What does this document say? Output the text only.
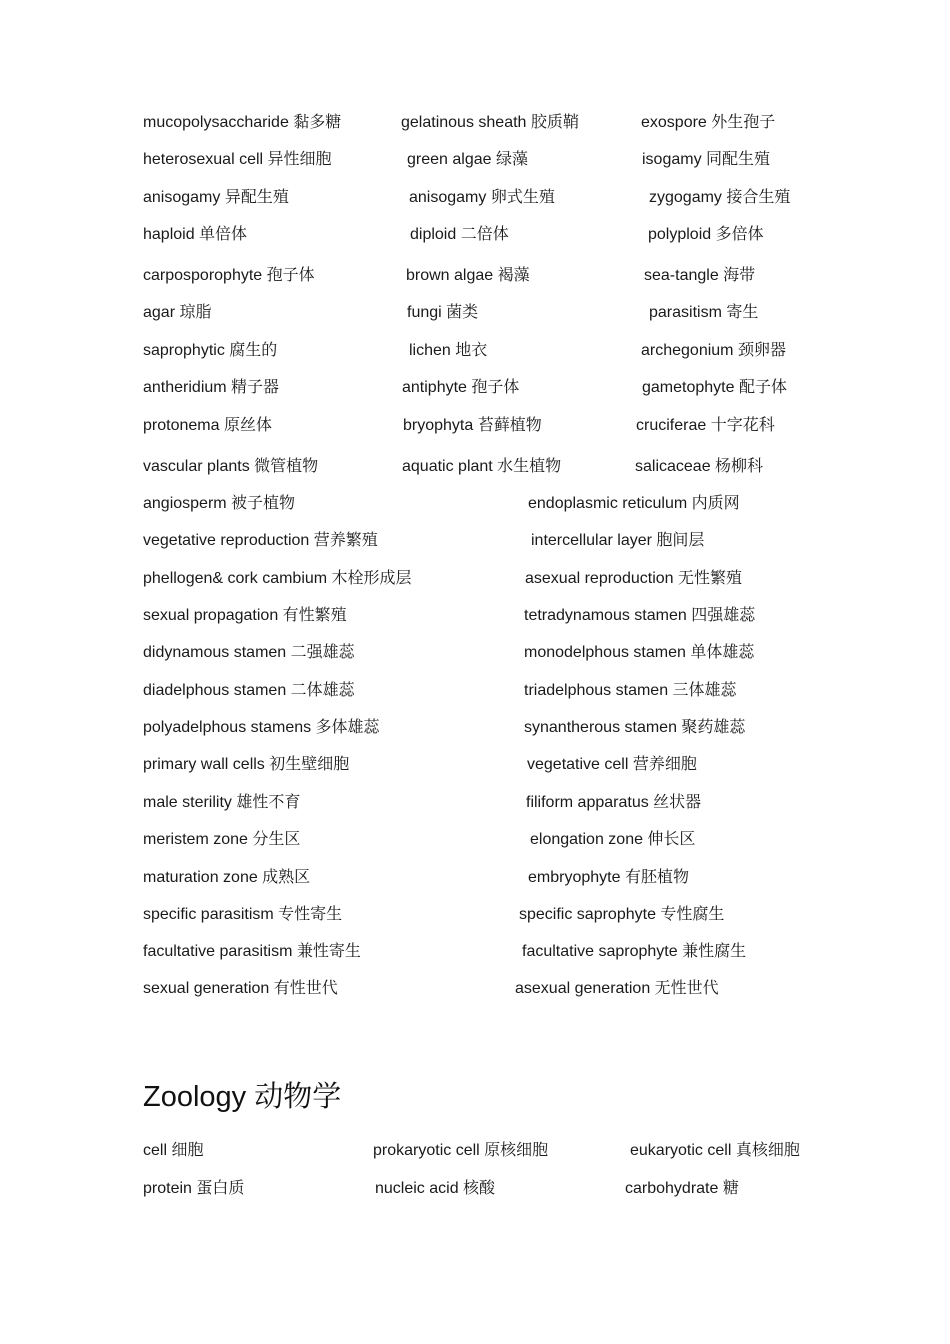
mucopolysaccharide 黏多糖	gelatinous sheath 胶质鞘	exospore 外生孢子
heterosexual cell 异性细胞	green algae 绿藻	isogamy 同配生殖
anisogamy 异配生殖	anisogamy 卵式生殖	zygogamy 接合生殖
haploid 单倍体	diploid 二倍体	polyploid 多倍体
carposporophyte 孢子体	brown algae 褐藻	sea-tangle 海带
agar 琼脂	fungi 菌类	parasitism 寄生
saprophytic 腐生的	lichen 地衣	archegonium 颈卵器
antheridium 精子器	antiphyte 孢子体	gametophyte 配子体
protonema 原丝体	bryophyta 苔藓植物	cruciferae 十字花科
vascular plants 微管植物	aquatic plant 水生植物	salicaceae 杨柳科
angiosperm 被子植物	endoplasmic reticulum 内质网
vegetative reproduction 营养繁殖	intercellular layer 胞间层
phellogen& cork cambium 木栓形成层	asexual reproduction 无性繁殖
sexual propagation 有性繁殖	tetradynamous stamen 四强雄蕊
didynamous stamen 二强雄蕊	monodelphous stamen 单体雄蕊
diadelphous stamen 二体雄蕊	triadelphous stamen 三体雄蕊
polyadelphous stamens 多体雄蕊	synantherous stamen 聚药雄蕊
primary wall cells 初生壁细胞	vegetative cell 营养细胞
male sterility 雄性不育	filiform apparatus 丝状器
meristem zone 分生区	elongation zone 伸长区
maturation zone 成熟区	embryophyte 有胚植物
specific parasitism 专性寄生	specific saprophyte 专性腐生
facultative parasitism 兼性寄生	facultative saprophyte 兼性腐生
sexual generation 有性世代	asexual generation 无性世代
Zoology 动物学
cell 细胞	prokaryotic cell 原核细胞	eukaryotic cell 真核细胞
protein 蛋白质	nucleic acid 核酸	carbohydrate 糖
